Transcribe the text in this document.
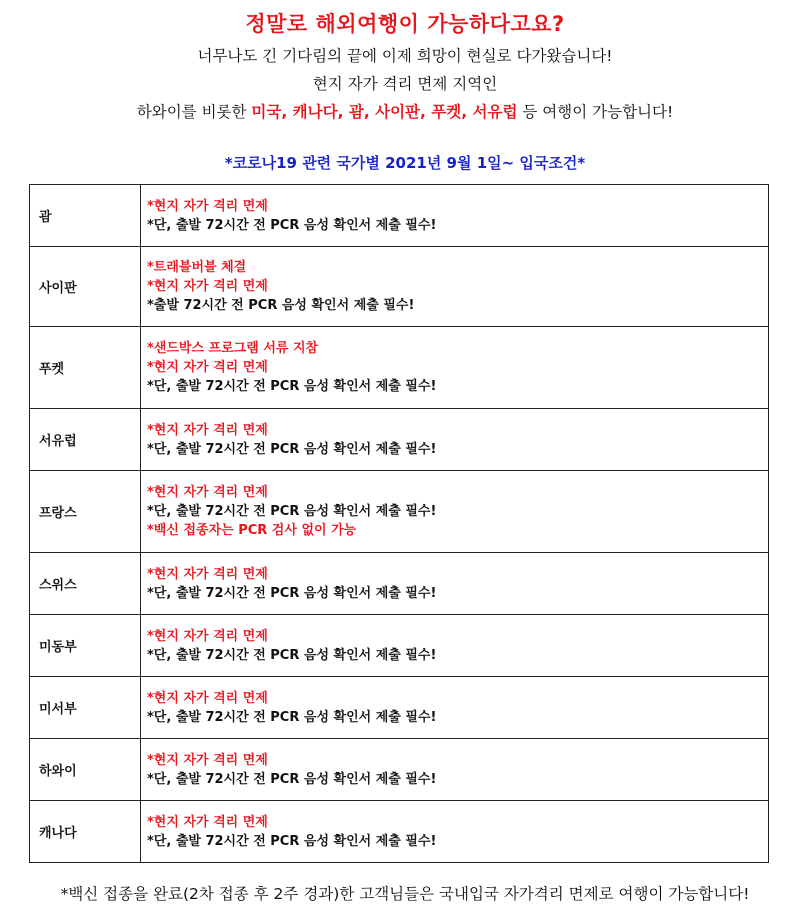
정말로 해외여행이 가능하다고요?
너무나도 긴 기다림의 끝에 이제 희망이 현실로 다가왔습니다!
현지 자가 격리 면제 지역인
하와이를 비롯한 미국, 캐나다, 괌, 사이판, 푸켓, 서유럽 등 여행이 가능합니다!
*코로나19 관련 국가별 2021년 9월 1일~ 입국조건*
괌	*현지 자가 격리 면제
*단, 출발 72시간 전 PCR 음성 확인서 제출 필수!

사이판	*트래블버블 체결
*현지 자가 격리 면제
*출발 72시간 전 PCR 음성 확인서 제출 필수!

푸켓	*샌드박스 프로그램 서류 지참
*현지 자가 격리 면제
*단, 출발 72시간 전 PCR 음성 확인서 제출 필수!

서유럽	*현지 자가 격리 면제
*단, 출발 72시간 전 PCR 음성 확인서 제출 필수!

프랑스	*현지 자가 격리 면제
*단, 출발 72시간 전 PCR 음성 확인서 제출 필수!
*백신 접종자는 PCR 검사 없이 가능

스위스	*현지 자가 격리 면제
*단, 출발 72시간 전 PCR 음성 확인서 제출 필수!

미동부	*현지 자가 격리 면제
*단, 출발 72시간 전 PCR 음성 확인서 제출 필수!

미서부	*현지 자가 격리 면제
*단, 출발 72시간 전 PCR 음성 확인서 제출 필수!

하와이	*현지 자가 격리 면제
*단, 출발 72시간 전 PCR 음성 확인서 제출 필수!

캐나다	*현지 자가 격리 면제
*단, 출발 72시간 전 PCR 음성 확인서 제출 필수!
*백신 접종을 완료(2차 접종 후 2주 경과)한 고객님들은 국내입국 자가격리 면제로 여행이 가능합니다!
